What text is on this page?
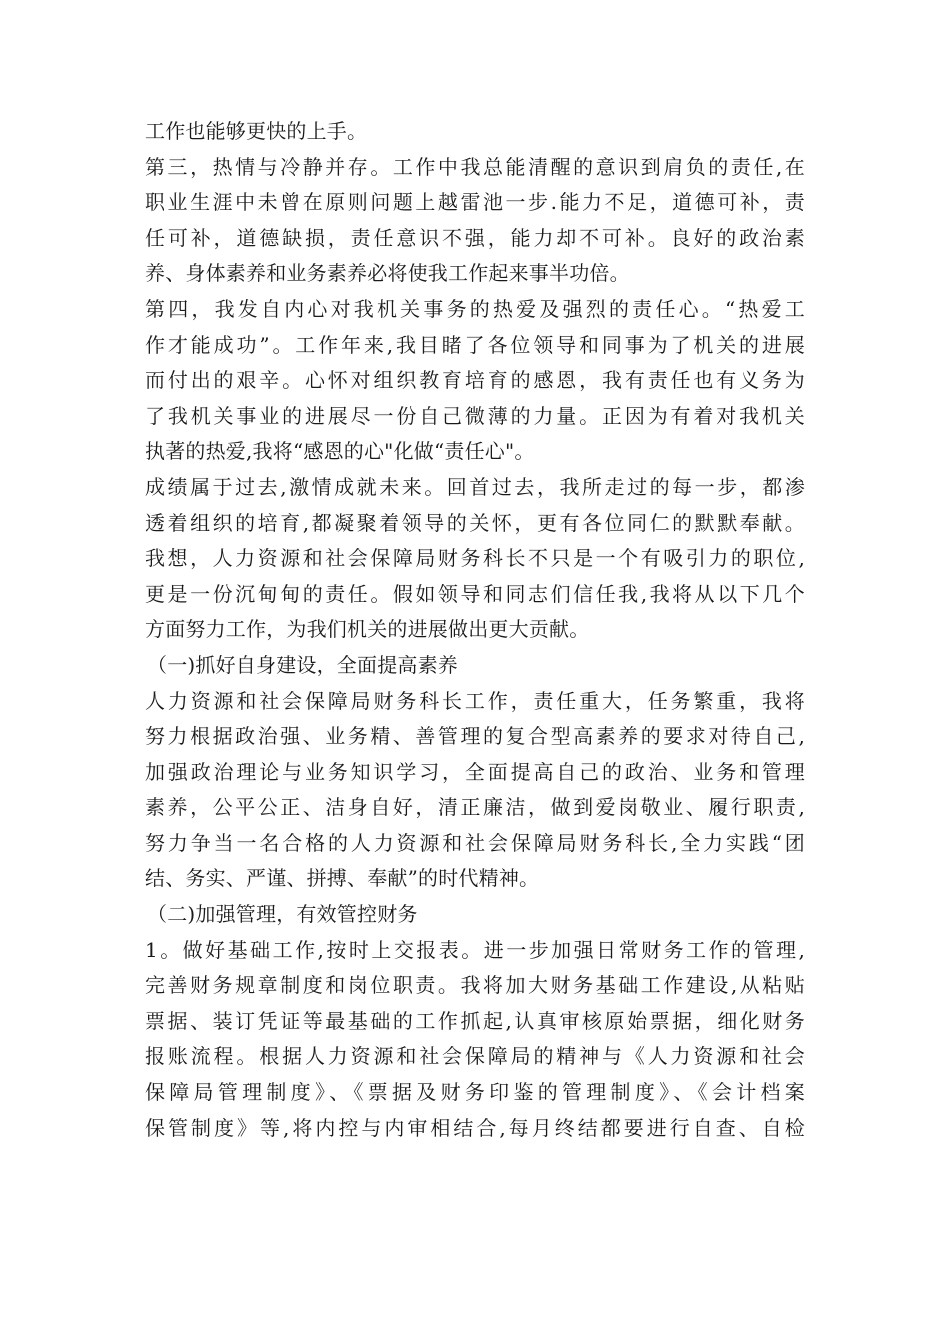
工作也能够更快的上手。
第三，热情与冷静并存。工作中我总能清醒的意识到肩负的责任,在
职业生涯中未曾在原则问题上越雷池一步.能力不足，道德可补，责
任可补，道德缺损，责任意识不强，能力却不可补。良好的政治素
养、身体素养和业务素养必将使我工作起来事半功倍。
第四，我发自内心对我机关事务的热爱及强烈的责任心。“热爱工
作才能成功”。工作年来,我目睹了各位领导和同事为了机关的进展
而付出的艰辛。心怀对组织教育培育的感恩，我有责任也有义务为
了我机关事业的进展尽一份自己微薄的力量。正因为有着对我机关
执著的热爱,我将“感恩的心"化做“责任心"。
成绩属于过去,激情成就未来。回首过去，我所走过的每一步，都渗
透着组织的培育,都凝聚着领导的关怀，更有各位同仁的默默奉献。
我想，人力资源和社会保障局财务科长不只是一个有吸引力的职位,
更是一份沉甸甸的责任。假如领导和同志们信任我,我将从以下几个
方面努力工作，为我们机关的进展做出更大贡献。
（一)抓好自身建设，全面提高素养
人力资源和社会保障局财务科长工作，责任重大，任务繁重，我将
努力根据政治强、业务精、善管理的复合型高素养的要求对待自己,
加强政治理论与业务知识学习，全面提高自己的政治、业务和管理
素养，公平公正、洁身自好，清正廉洁，做到爱岗敬业、履行职责,
努力争当一名合格的人力资源和社会保障局财务科长,全力实践“团
结、务实、严谨、拼搏、奉献”的时代精神。
（二)加强管理，有效管控财务
1。做好基础工作,按时上交报表。进一步加强日常财务工作的管理,
完善财务规章制度和岗位职责。我将加大财务基础工作建设,从粘贴
票据、装订凭证等最基础的工作抓起,认真审核原始票据，细化财务
报账流程。根据人力资源和社会保障局的精神与《人力资源和社会
保障局管理制度》、《票据及财务印鉴的管理制度》、《会计档案
保管制度》等,将内控与内审相结合,每月终结都要进行自查、自检
